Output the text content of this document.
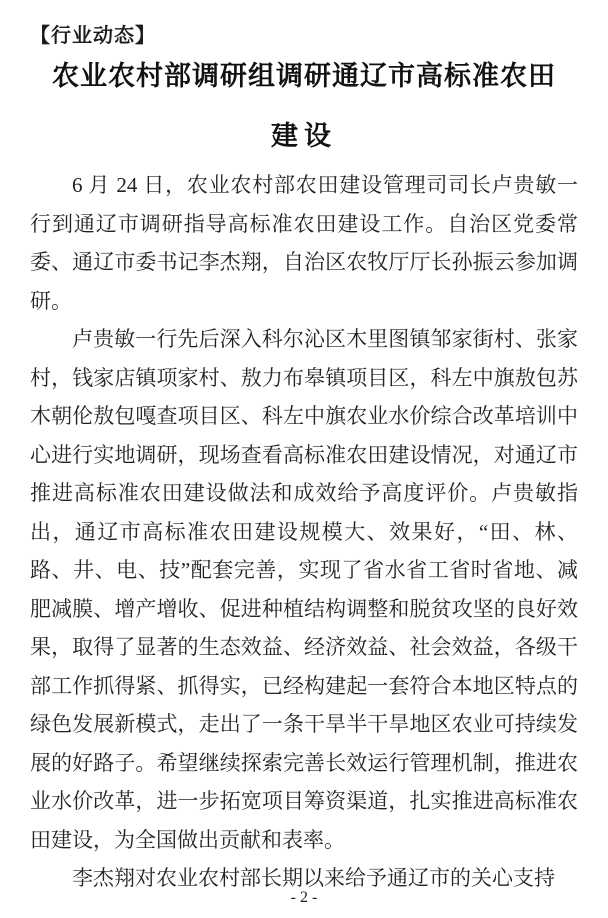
【行业动态】
农业农村部调研组调研通辽市高标准农田
建设

6 月 24 日，农业农村部农田建设管理司司长卢贵敏一行到通辽市调研指导高标准农田建设工作。自治区党委常委、通辽市委书记李杰翔，自治区农牧厅厅长孙振云参加调研。

卢贵敏一行先后深入科尔沁区木里图镇邹家街村、张家村，钱家店镇项家村、敖力布皋镇项目区，科左中旗敖包苏木朝伦敖包嘎查项目区、科左中旗农业水价综合改革培训中心进行实地调研，现场查看高标准农田建设情况，对通辽市推进高标准农田建设做法和成效给予高度评价。卢贵敏指出，通辽市高标准农田建设规模大、效果好，“田、林、路、井、电、技”配套完善，实现了省水省工省时省地、减肥减膜、增产增收、促进种植结构调整和脱贫攻坚的良好效果，取得了显著的生态效益、经济效益、社会效益，各级干部工作抓得紧、抓得实，已经构建起一套符合本地区特点的绿色发展新模式，走出了一条干旱半干旱地区农业可持续发展的好路子。希望继续探索完善长效运行管理机制，推进农业水价改革，进一步拓宽项目筹资渠道，扎实推进高标准农田建设，为全国做出贡献和表率。

李杰翔对农业农村部长期以来给予通辽市的关心支持

- 2 -
